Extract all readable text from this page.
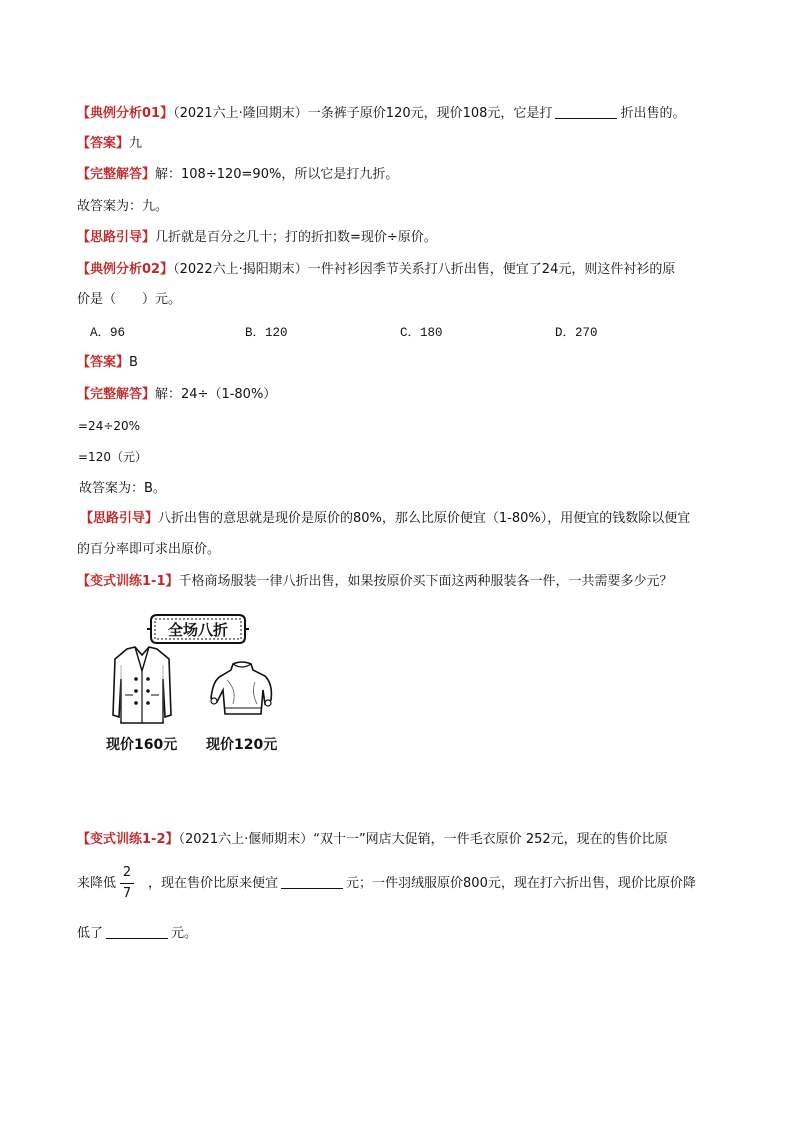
【典例分析01】（2021六上·隆回期末）一条裤子原价120元，现价108元，它是打	折出售的。
【答案】九
【完整解答】解：108÷120=90%，所以它是打九折。
故答案为：九。
【思路引导】几折就是百分之几十；打的折扣数=现价÷原价。
【典例分析02】（2022六上·揭阳期末）一件衬衫因季节关系打八折出售，便宜了24元，则这件衬衫的原
价是（　　）元。
A．96	B．120	C．180	D．270
【答案】B
【完整解答】解：24÷（1-80%）
=24÷20%
=120（元）
故答案为：B。
【思路引导】八折出售的意思就是现价是原价的80%，那么比原价便宜（1-80%），用便宜的钱数除以便宜
的百分率即可求出原价。
【变式训练1-1】千格商场服装一律八折出售，如果按原价买下面这两种服装各一件，一共需要多少元？
全场八折
现价160元 现价120元
【变式训练1-2】（2021六上·偃师期末）“双十一”网店大促销，一件毛衣原价 252元，现在的售价比原
来降低 ，现在售价比原来便宜	元；一件羽绒服原价800元，现在打六折出售，现价比原价降
2
7
低了	元。
